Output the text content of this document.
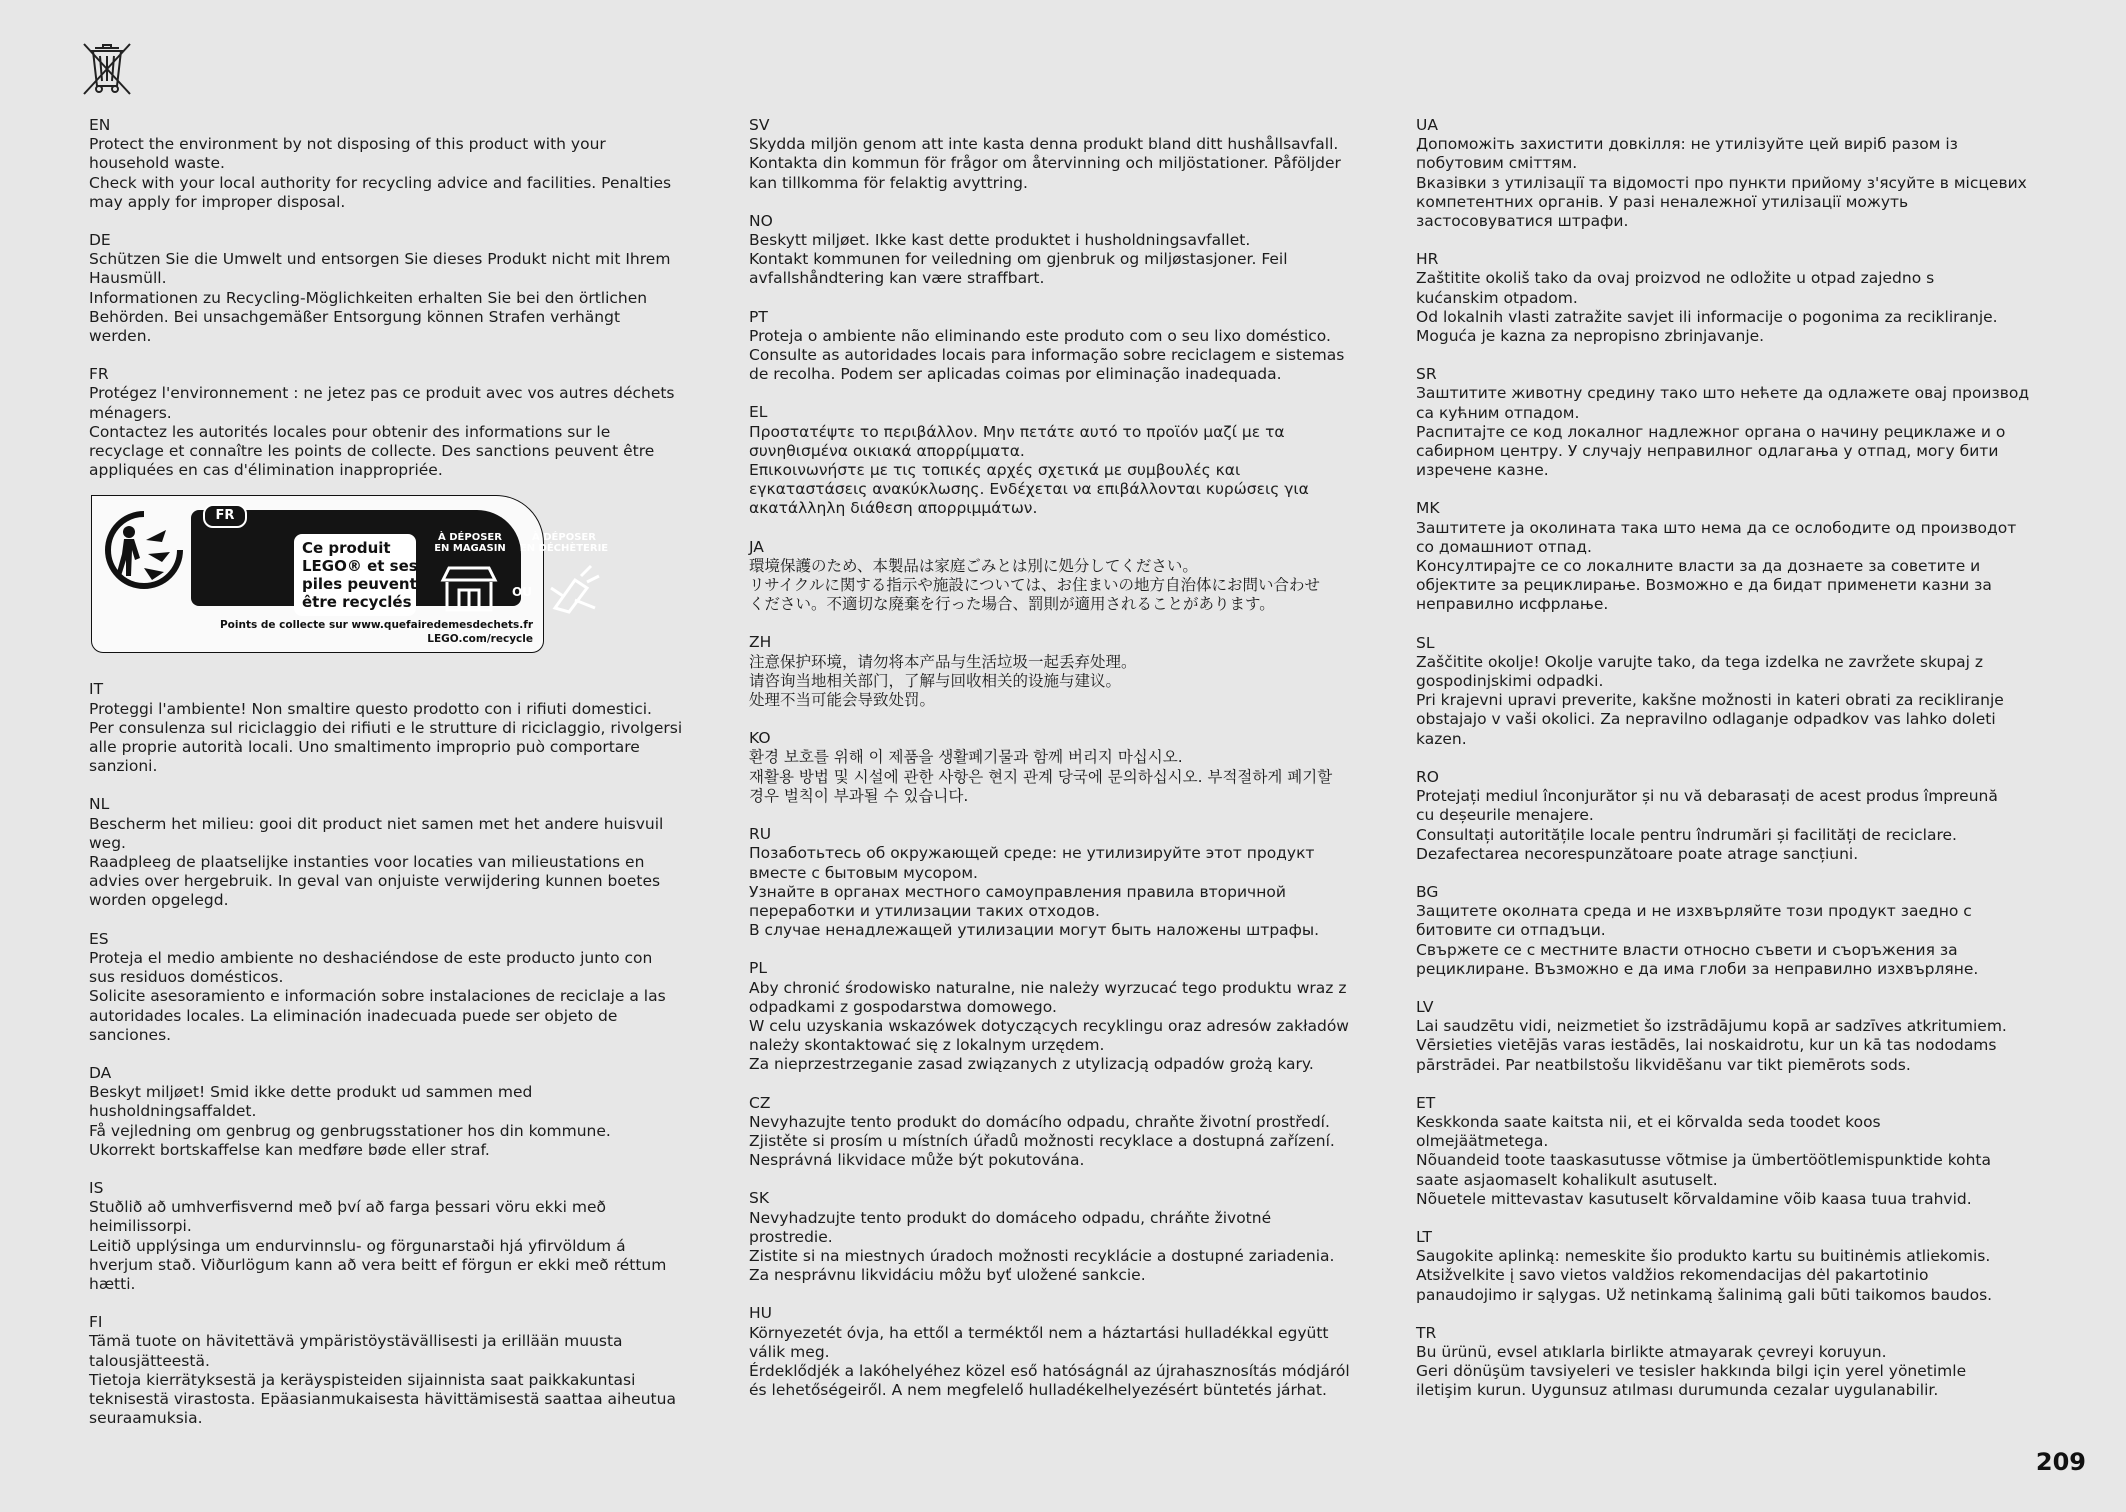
EN
Protect the environment by not disposing of this product with your
household waste.
Check with your local authority for recycling advice and facilities. Penalties
may apply for improper disposal.
DE
Schützen Sie die Umwelt und entsorgen Sie dieses Produkt nicht mit Ihrem
Hausmüll.
Informationen zu Recycling-Möglichkeiten erhalten Sie bei den örtlichen
Behörden. Bei unsachgemäßer Entsorgung können Strafen verhängt
werden.
FR
Protégez l'environnement : ne jetez pas ce produit avec vos autres déchets
ménagers.
Contactez les autorités locales pour obtenir des informations sur le
recyclage et connaître les points de collecte. Des sanctions peuvent être
appliquées en cas d'élimination inappropriée.
Ce produit
LEGO® et ses
piles peuvent
être recyclés
À DÉPOSER
EN MAGASIN
À DÉPOSER
EN DÉCHÈTERIE
OU
FR
Points de collecte sur www.quefairedemesdechets.fr
LEGO.com/recycle
IT
Proteggi l'ambiente! Non smaltire questo prodotto con i rifiuti domestici.
Per consulenza sul riciclaggio dei rifiuti e le strutture di riciclaggio, rivolgersi
alle proprie autorità locali. Uno smaltimento improprio può comportare
sanzioni.
NL
Bescherm het milieu: gooi dit product niet samen met het andere huisvuil
weg.
Raadpleeg de plaatselijke instanties voor locaties van milieustations en
advies over hergebruik. In geval van onjuiste verwijdering kunnen boetes
worden opgelegd.
ES
Proteja el medio ambiente no deshaciéndose de este producto junto con
sus residuos domésticos.
Solicite asesoramiento e información sobre instalaciones de reciclaje a las
autoridades locales. La eliminación inadecuada puede ser objeto de
sanciones.
DA
Beskyt miljøet! Smid ikke dette produkt ud sammen med
husholdningsaffaldet.
Få vejledning om genbrug og genbrugsstationer hos din kommune.
Ukorrekt bortskaffelse kan medføre bøde eller straf.
IS
Stuðlið að umhverfisvernd með því að farga þessari vöru ekki með
heimilissorpi.
Leitið upplýsinga um endurvinnslu- og förgunarstaði hjá yfirvöldum á
hverjum stað. Viðurlögum kann að vera beitt ef förgun er ekki með réttum
hætti.
FI
Tämä tuote on hävitettävä ympäristöystävällisesti ja erillään muusta
talousjätteestä.
Tietoja kierrätyksestä ja keräyspisteiden sijainnista saat paikkakuntasi
teknisestä virastosta. Epäasianmukaisesta hävittämisestä saattaa aiheutua
seuraamuksia.
SV
Skydda miljön genom att inte kasta denna produkt bland ditt hushållsavfall.
Kontakta din kommun för frågor om återvinning och miljöstationer. Påföljder
kan tillkomma för felaktig avyttring.
NO
Beskytt miljøet. Ikke kast dette produktet i husholdningsavfallet.
Kontakt kommunen for veiledning om gjenbruk og miljøstasjoner. Feil
avfallshåndtering kan være straffbart.
PT
Proteja o ambiente não eliminando este produto com o seu lixo doméstico.
Consulte as autoridades locais para informação sobre reciclagem e sistemas
de recolha. Podem ser aplicadas coimas por eliminação inadequada.
EL
Προστατέψτε το περιβάλλον. Μην πετάτε αυτό το προϊόν μαζί με τα
συνηθισμένα οικιακά απορρίμματα.
Επικοινωνήστε με τις τοπικές αρχές σχετικά με συμβουλές και
εγκαταστάσεις ανακύκλωσης. Ενδέχεται να επιβάλλονται κυρώσεις για
ακατάλληλη διάθεση απορριμμάτων.
JA
環境保護のため、本製品は家庭ごみとは別に処分してください。
リサイクルに関する指示や施設については、お住まいの地方自治体にお問い合わせ
ください。不適切な廃棄を行った場合、罰則が適用されることがあります。
ZH
注意保护环境，请勿将本产品与生活垃圾一起丢弃处理。
请咨询当地相关部门，了解与回收相关的设施与建议。
处理不当可能会导致处罚。
KO
환경 보호를 위해 이 제품을 생활폐기물과 함께 버리지 마십시오.
재활용 방법 및 시설에 관한 사항은 현지 관계 당국에 문의하십시오. 부적절하게 폐기할
경우 벌칙이 부과될 수 있습니다.
RU
Позаботьтесь об окружающей среде: не утилизируйте этот продукт
вместе с бытовым мусором.
Узнайте в органах местного самоуправления правила вторичной
переработки и утилизации таких отходов.
В случае ненадлежащей утилизации могут быть наложены штрафы.
PL
Aby chronić środowisko naturalne, nie należy wyrzucać tego produktu wraz z
odpadkami z gospodarstwa domowego.
W celu uzyskania wskazówek dotyczących recyklingu oraz adresów zakładów
należy skontaktować się z lokalnym urzędem.
Za nieprzestrzeganie zasad związanych z utylizacją odpadów grożą kary.
CZ
Nevyhazujte tento produkt do domácího odpadu, chraňte životní prostředí.
Zjistěte si prosím u místních úřadů možnosti recyklace a dostupná zařízení.
Nesprávná likvidace může být pokutována.
SK
Nevyhadzujte tento produkt do domáceho odpadu, chráňte životné
prostredie.
Zistite si na miestnych úradoch možnosti recyklácie a dostupné zariadenia.
Za nesprávnu likvidáciu môžu byť uložené sankcie.
HU
Környezetét óvja, ha ettől a terméktől nem a háztartási hulladékkal együtt
válik meg.
Érdeklődjék a lakóhelyéhez közel eső hatóságnál az újrahasznosítás módjáról
és lehetőségeiről. A nem megfelelő hulladékelhelyezésért büntetés járhat.
UA
Допоможіть захистити довкілля: не утилізуйте цей виріб разом із
побутовим сміттям.
Вказівки з утилізації та відомості про пункти прийому з'ясуйте в місцевих
компетентних органів. У разі неналежної утилізації можуть
застосовуватися штрафи.
HR
Zaštitite okoliš tako da ovaj proizvod ne odložite u otpad zajedno s
kućanskim otpadom.
Od lokalnih vlasti zatražite savjet ili informacije o pogonima za recikliranje.
Moguća je kazna za nepropisno zbrinjavanje.
SR
Заштитите животну средину тако што нећете да одлажете овај производ
са кућним отпадом.
Распитајте се код локалног надлежног органа о начину рециклаже и о
сабирном центру. У случају неправилног одлагања у отпад, могу бити
изречене казне.
MK
Заштитете ја околината така што нема да се ослободите од производот
со домашниот отпад.
Консултирајте се со локалните власти за да дознаете за советите и
објектите за рециклирање. Возможно е да бидат применети казни за
неправилно исфрлање.
SL
Zaščitite okolje! Okolje varujte tako, da tega izdelka ne zavržete skupaj z
gospodinjskimi odpadki.
Pri krajevni upravi preverite, kakšne možnosti in kateri obrati za recikliranje
obstajajo v vaši okolici. Za nepravilno odlaganje odpadkov vas lahko doleti
kazen.
RO
Protejați mediul înconjurător și nu vă debarasați de acest produs împreună
cu deșeurile menajere.
Consultați autoritățile locale pentru îndrumări și facilități de reciclare.
Dezafectarea necorespunzătoare poate atrage sancțiuni.
BG
Защитете околната среда и не изхвърляйте този продукт заедно с
битовите си отпадъци.
Свържете се с местните власти относно съвети и съоръжения за
рециклиране. Възможно е да има глоби за неправилно изхвърляне.
LV
Lai saudzētu vidi, neizmetiet šo izstrādājumu kopā ar sadzīves atkritumiem.
Vērsieties vietējās varas iestādēs, lai noskaidrotu, kur un kā tas nododams
pārstrādei. Par neatbilstošu likvidēšanu var tikt piemērots sods.
ET
Keskkonda saate kaitsta nii, et ei kõrvalda seda toodet koos
olmejäätmetega.
Nõuandeid toote taaskasutusse võtmise ja ümbertöötlemispunktide kohta
saate asjaomaselt kohalikult asutuselt.
Nõuetele mittevastav kasutuselt kõrvaldamine võib kaasa tuua trahvid.
LT
Saugokite aplinką: nemeskite šio produkto kartu su buitinėmis atliekomis.
Atsižvelkite į savo vietos valdžios rekomendacijas dėl pakartotinio
panaudojimo ir sąlygas. Už netinkamą šalinimą gali būti taikomos baudos.
TR
Bu ürünü, evsel atıklarla birlikte atmayarak çevreyi koruyun.
Geri dönüşüm tavsiyeleri ve tesisler hakkında bilgi için yerel yönetimle
iletişim kurun. Uygunsuz atılması durumunda cezalar uygulanabilir.
209
